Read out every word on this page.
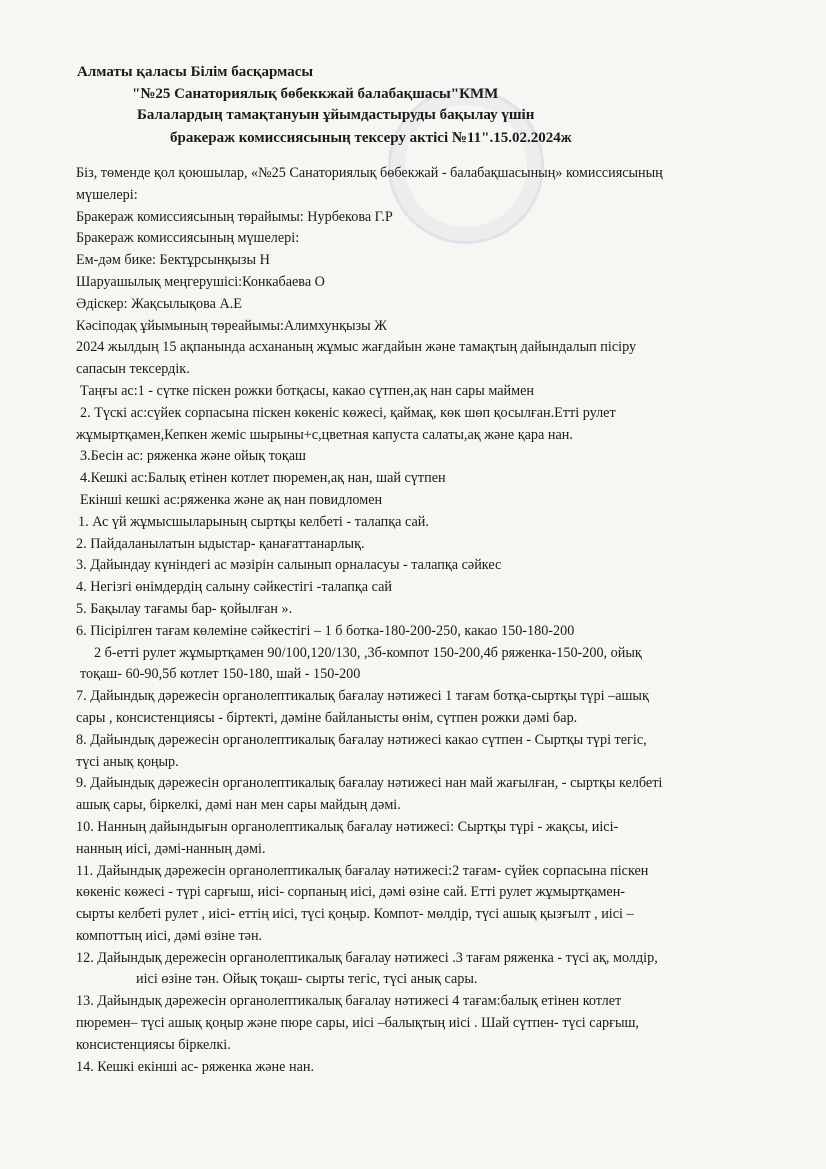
Алматы қаласы Білім басқармасы
"№25 Санаториялық бөбеккжай балабақшасы"КММ
Балалардың тамақтануын ұйымдастыруды бақылау үшін
бракераж комиссиясының тексеру актісі №11".15.02.2024ж

Біз, төменде қол қоюшылар, «№25 Санаториялық бөбекжай - балабақшасының» комиссиясының

мүшелері:

Бракераж комиссиясының төрайымы: Нурбекова Г.Р

Бракераж комиссиясының мүшелері:

Ем-дәм бике: Бектұрсынқызы Н

Шаруашылық меңгерушісі:Конкабаева О

Әдіскер: Жақсылықова А.Е

Кәсіподақ ұйымының төреайымы:Алимхунқызы Ж

2024 жылдың 15 ақпанында асхананың жұмыс жағдайын және тамақтың дайындалып пісіру

сапасын тексердік.

Таңғы ас:1 - сүтке піскен рожки ботқасы, какао сүтпен,ақ нан сары маймен

2. Түскі ас:сүйек сорпасына піскен көкеніс көжесі, қаймақ, көк шөп қосылған.Етті рулет

жұмыртқамен,Кепкен жеміс шырыны+с,цветная капуста салаты,ақ және қара нан.

3.Бесін ас: ряженка және ойық тоқаш

4.Кешкі ас:Балық етінен котлет пюремен,ақ нан, шай сүтпен

Екінші кешкі ас:ряженка және ақ нан повидломен

1. Ас үй жұмысшыларының сыртқы келбеті - талапқа сай.

2. Пайдаланылатын ыдыстар- қанағаттанарлық.

3. Дайындау күніндегі ас мәзірін салынып орналасуы - талапқа сәйкес

4. Негізгі өнімдердің салыну сәйкестігі -талапқа сай

5. Бақылау тағамы бар- қойылған ».

6. Пісірілген тағам көлеміне сәйкестігі – 1 б ботка-180-200-250, какао 150-180-200

2 б-етті рулет жұмыртқамен 90/100,120/130, ,3б-компот 150-200,4б ряженка-150-200, ойық

тоқаш- 60-90,5б котлет 150-180, шай - 150-200

7. Дайындық дәрежесін органолептикалық бағалау нәтижесі 1 тағам ботқа-сыртқы түрі –ашық

сары , консистенциясы - біртекті, дәміне байланысты өнім, сүтпен рожки дәмі бар.

8. Дайындық дәрежесін органолептикалық бағалау нәтижесі какао сүтпен - Сыртқы түрі тегіс,

түсі анық қоңыр.

9. Дайындық дәрежесін органолептикалық бағалау нәтижесі нан май жағылған, - сыртқы келбеті

ашық сары, біркелкі, дәмі нан мен сары майдың дәмі.

10. Нанның дайындығын органолептикалық бағалау нәтижесі: Сыртқы түрі - жақсы, иісі-

нанның иісі, дәмі-нанның дәмі.

11. Дайындық дәрежесін органолептикалық бағалау нәтижесі:2 тағам- сүйек сорпасына піскен

көкеніс көжесі - түрі сарғыш, иісі- сорпаның иісі, дәмі өзіне сай. Етті рулет жұмыртқамен-

сырты келбеті рулет , иісі- еттің иісі, түсі қоңыр. Компот- мөлдір, түсі ашық қызғылт , иісі –

компоттың иісі, дәмі өзіне тән.

12. Дайындық дережесін органолептикалық бағалау нәтижесі .3 тағам ряженка - түсі ақ, молдір,

иісі өзіне тән. Ойық тоқаш- сырты тегіс, түсі анық сары.

13. Дайындық дәрежесін органолептикалық бағалау нәтижесі 4 тағам:балық етінен котлет

пюремен– түсі ашық қоңыр және пюре сары, иісі –балықтың иісі . Шай сүтпен- түсі сарғыш,

консистенциясы біркелкі.

14. Кешкі екінші ас- ряженка және нан.
